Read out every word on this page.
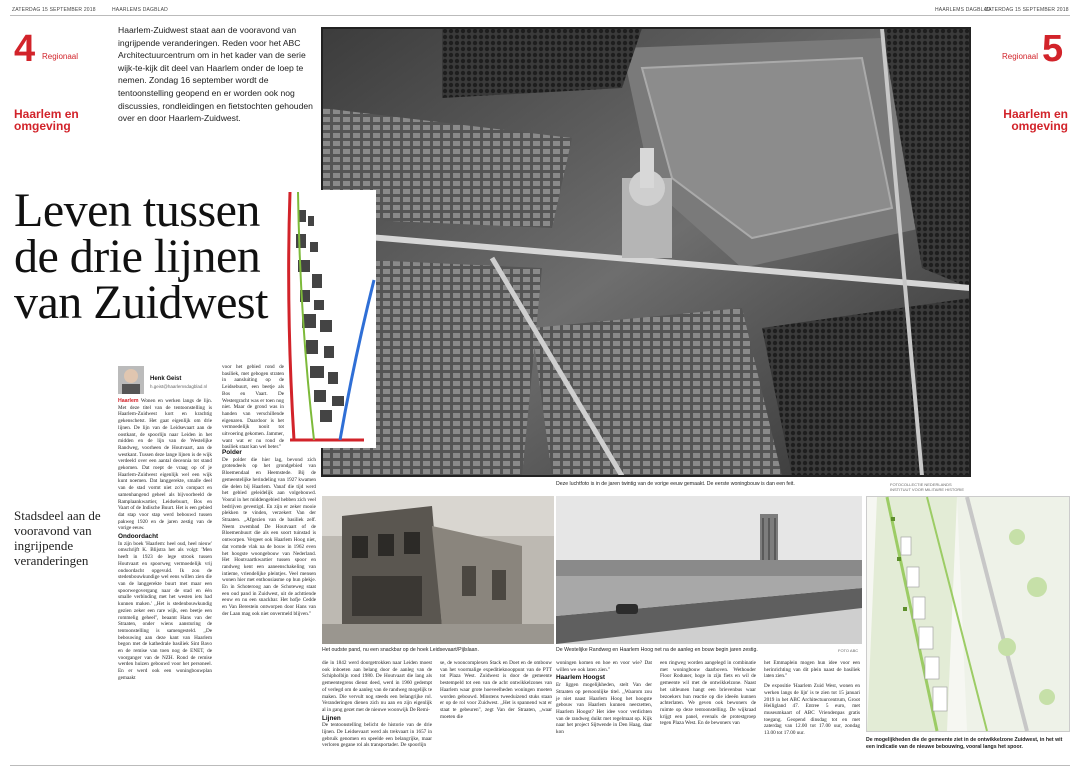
ZATERDAG 15 SEPTEMBER 2018	HAARLEMS DAGBLAD	HAARLEMS DAGBLAD
ZATERDAG 15 SEPTEMBER 2018
4 Regionaal
Haarlem en omgeving
Regionaal 5
Haarlem en omgeving
Haarlem-Zuidwest staat aan de vooravond van ingrijpende veranderingen. Reden voor het ABC Architectuurcentrum om in het kader van de serie wijk-te-kijk dit deel van Haarlem onder de loep te nemen. Zondag 16 september wordt de tentoonstelling geopend en er worden ook nog discussies, rondleidingen en fietstochten gehouden over en door Haarlem-Zuidwest.
Leven tussen de drie lijnen van Zuidwest
Stadsdeel aan de vooravond van ingrijpende veranderingen
Deze luchtfoto is in de jaren twintig van de vorige eeuw gemaakt. De eerste woningbouw is dan een feit.	FOTOCOLLECTIE NEDERLANDS INSTITUUT VOOR MILITAIRE HISTORIE
Henk Geist
h.geist@haarlemsdagblad.nl
Haarlem Wonen en werken langs de lijn. Met deze titel van de tentoonstelling is Haarlem-Zuidwest kort en krachtig gekenschetst. Het gaat eigenlijk om drie lijnen. De lijn van de Leidsevaart aan de oostkant, de spoorlijn naar Leiden in het midden en de lijn van de Westelijke Randweg, voorheen de Houtvaart, aan de westkant. Tussen deze lange lijnen is de wijk verdeeld over een aantal decennia tot stand gekomen. Dat roept de vraag op of je Haarlem-Zuidwest eigenlijk wel een wijk kunt noemen. Dat langgerekte, smalle deel van de stad vormt niet zo'n compact en samenhangend geheel als bijvoorbeeld de Ramplaankwartier, Leidsebuurt, Bos en Vaart of de Indische Buurt. Het is een gebied dat stap voor stap werd bebouwd tussen pakweg 1920 en de jaren zestig van de vorige eeuw.
Ondoordacht
In zijn boek 'Haarlem: heel oud, heel nieuw' omschrijft K. Blijstra het als volgt: 'Men heeft in 1923 de lege strook tussen Houtvaart en spoorweg vermoedelijk vrij ondoordacht opgevuld. Ik zou de stedenbouwkundige wel eens willen zien die van de langgerekte buurt met maar een spoorwegovergang naar de stad en één smalle verbinding met het westen iets had kunnen maken.' ,,Het is stedenbouwkundig gezien zeker een rare wijk, een beetje een rommelig geheel'', beaamt Hans van der Straaten, onder wiens aansturing de tentoonstelling is samengesteld. ,,De bebouwing aan deze kant van Haarlem begon met de kathedrale basiliek Sint Bavo en de remise van toen nog de ENET, de voorganger van de NZH. Rond de remise werden huizen gebouwd voor het personeel. En er werd ook een woningbouwplan gemaakt
voor het gebied rond de basiliek, met gebogen straten in aansluiting op de Leidsebuurt, een beetje als Bos en Vaart. De Westergracht was er toen nog niet. Maar de grond was in handen van verschillende eigenaren. Daardoor is het vermoedelijk nooit tot uitvoering gekomen. Jammer, want wat er nu rond de basiliek staat kan wel beter.''
Polder
De polder die hier lag, bevond zich grotendeels op het grondgebied van Bloemendaal en Heemstede. Bij de gemeentelijke herindeling van 1927 kwamen die delen bij Haarlem. Vanaf die tijd werd het gebied geleidelijk aan volgebouwd. Vooral in het middengebied hebben zich veel bedrijven gevestigd. En zijn er zeker mooie plekken te vinden, verzekert Van der Straaten. ,,Afgezien van de basiliek zelf. Neem zwembad De Houtvaart of de Bloemenbuurt die als een soort tuinstad is ontworpen. Vergeet ook Haarlem Hoog niet, dat vormde vlak na de bouw in 1962 even het hoogste woongebouw van Nederland. Het Houtvaartkwartier tussen spoor en randweg kent een aaneenschakeling van intieme, vriendelijke pleintjes. Veel mensen wonen hier met enthousiasme op hun plekje. En in Schoteroog aan de Schoteweg staat een oud pand in Zuidwest, uit de achttiende eeuw en nu een snackbar. Het hofje Cedde en Van Berestein ontworpen door Hans van der Laan mag ook niet onvermeld blijven.''
Het oudste pand, nu een snackbar op de hoek Leidsevaart/Pijlslaan.
die in 1842 werd doorgetrokken naar Leiden moest ook inboeten aan belang door de aanleg van de Schipholbijn rond 1980. De Houtvaart die lang als gemeentegrens dienst deed, werd in 1960 gedempt of verlegd om de aanleg van de randweg mogelijk te maken. Die vervult nog steeds een belangrijke rol. Veranderingen dienen zich nu aan en zijn eigenlijk al in gang gezet met de nieuwe woonwijk De Remi-
Lijnen
De tentoonstelling belicht de historie van de drie lijnen. De Leidsevaart werd als trekvaart in 1657 in gebruik genomen en speelde een belangrijke, maar verloren gegane rol als transportader. De spoorlijn
se, de wooncomplexen Stack en Doet en de ombouw van het voormalige expeditieknooppunt van de PTT tot Plaza West. Zuidwest is door de gemeente bestempeld tot een van de acht ontwikkelzones van Haarlem waar grote hoeveelheden woningen moeten worden gebouwd. Minstens tweeduizend stuks staan er op de rol voor Zuidwest. ,,Het is spannend wat er staat te gebeuren'', zegt Van der Straaten, ,,waar moeten die
De Westelijke Randweg en Haarlem Hoog net na de aanleg en bouw begin jaren zestig.	FOTO ABC
woningen komen en hoe en voor wie? Dat willen we ook laten zien.''
Haarlem Hoogst
Er liggen mogelijkheden, stelt Van der Straaten op persoonlijke titel. ,,Waarom zou je niet naast Haarlem Hoog het hoogste gebouw van Haarlem kunnen neerzetten, Haarlem Hoogst? Het idee voor verdichten van de randweg duikt met regelmaat op. Kijk naar het project Sijtwende in Den Haag, daar kon
een ringweg worden aangelegd in combinatie met woningbouw daarboven. Wethouder Floor Roduner, hoge in zijn fiets en wil de gemeente wil met de ontwikkelzone. Naast het uitleunen hangt een brievenbus waar bezoekers hun reactie op die ideeën kunnen achterlaten. We geven ook bewoners de ruimte op deze tentoonstelling. De wijkraad krijgt een panel, evenals de protestgroep tegen Plaza West. En de bewoners van
het Emmaplein mogen hun idee voor een herinrichting van dit plein naast de basiliek laten zien.''
De expositie 'Haarlem Zuid West, wonen en werken langs de lijn' is te zien tot 15 januari 2019 in het ABC Architectuurcentrum, Groot Heiligland 47. Entree 5 euro, met museumkaart of ABC Vriendenpas gratis toegang. Geopend dinsdag tot en met zaterdag van 12.00 tot 17.00 uur, zondag 13.00 tot 17.00 uur.
De mogelijkheden die de gemeente ziet in de ontwikkelzone Zuidwest, in het wit een indicatie van de nieuwe bebouwing, vooral langs het spoor.
